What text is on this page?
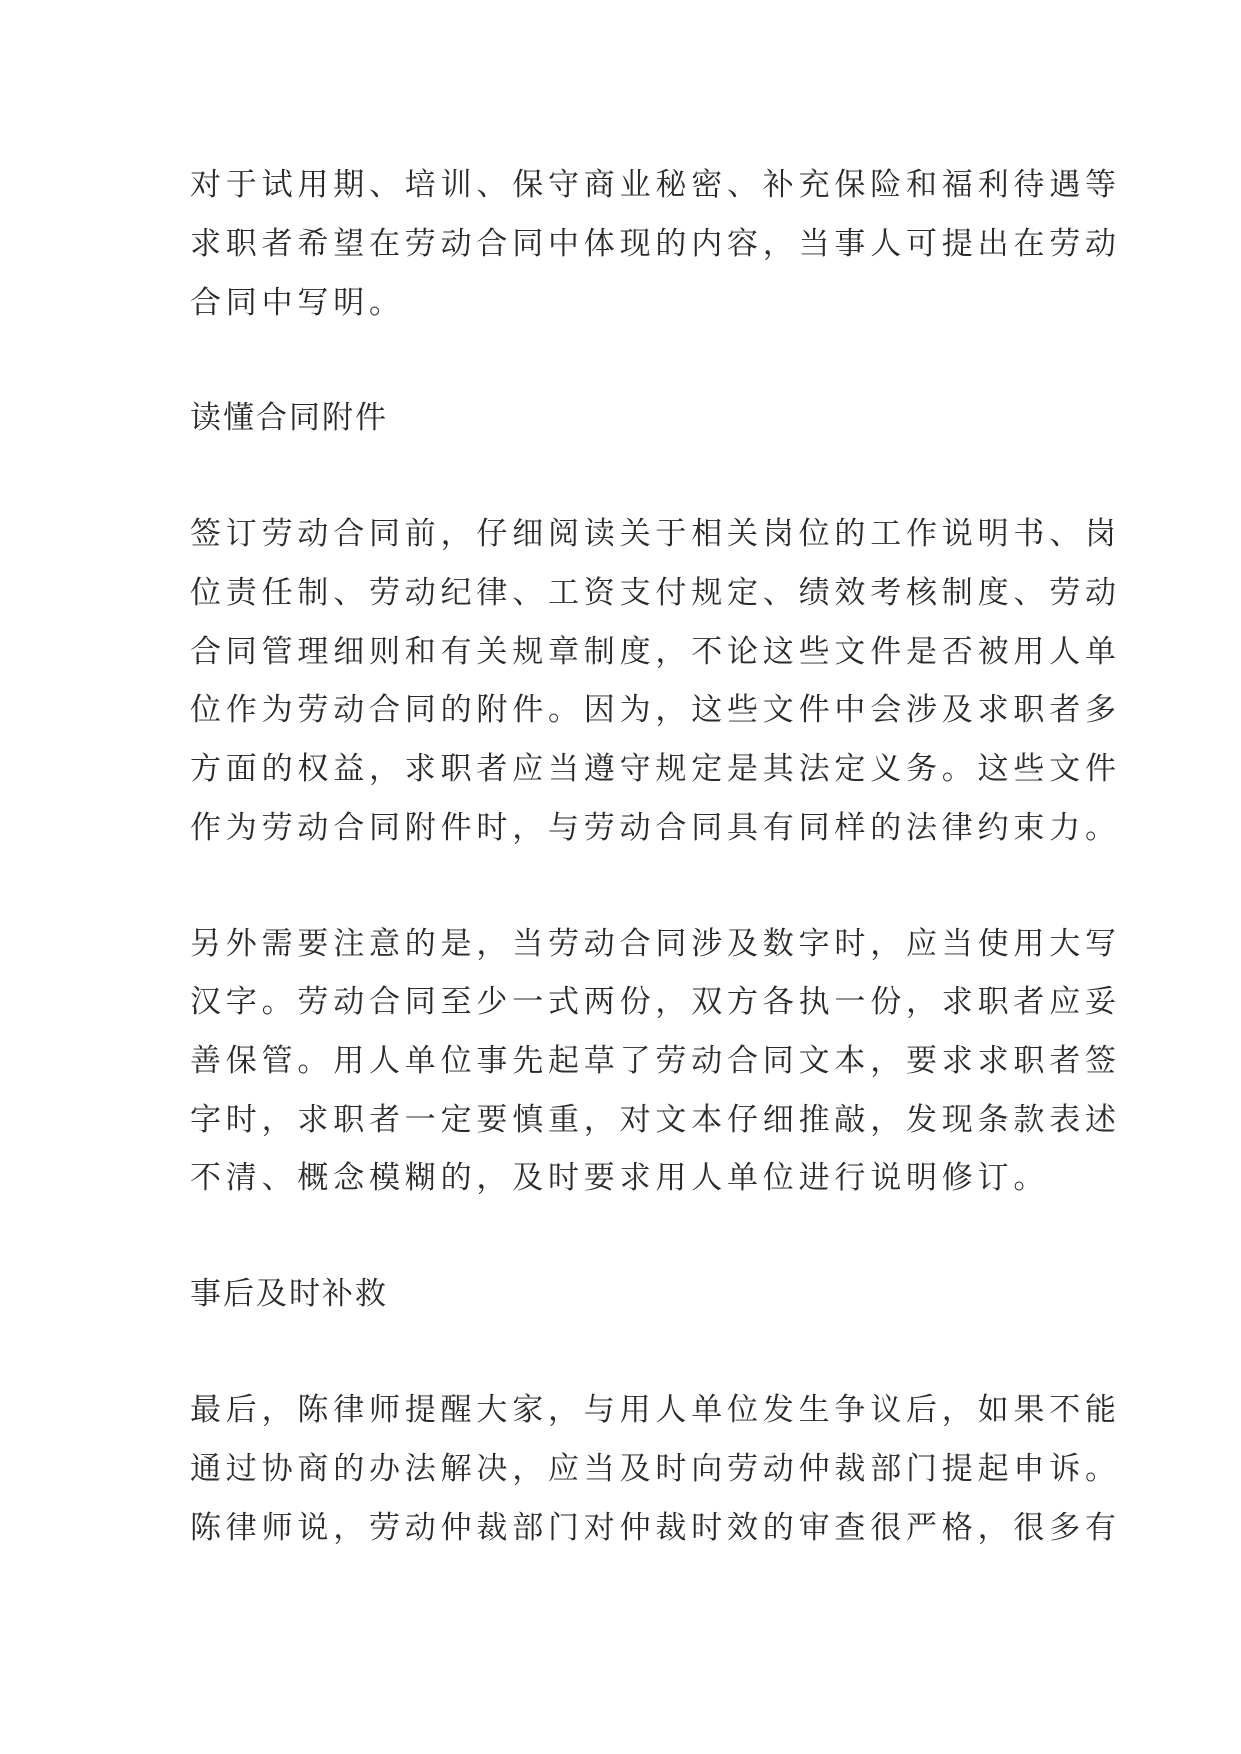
对于试用期、培训、保守商业秘密、补充保险和福利待遇等

求职者希望在劳动合同中体现的内容，当事人可提出在劳动

合同中写明。

读懂合同附件

签订劳动合同前，仔细阅读关于相关岗位的工作说明书、岗

位责任制、劳动纪律、工资支付规定、绩效考核制度、劳动

合同管理细则和有关规章制度，不论这些文件是否被用人单

位作为劳动合同的附件。因为，这些文件中会涉及求职者多

方面的权益，求职者应当遵守规定是其法定义务。这些文件

作为劳动合同附件时，与劳动合同具有同样的法律约束力。

另外需要注意的是，当劳动合同涉及数字时，应当使用大写

汉字。劳动合同至少一式两份，双方各执一份，求职者应妥

善保管。用人单位事先起草了劳动合同文本，要求求职者签

字时，求职者一定要慎重，对文本仔细推敲，发现条款表述

不清、概念模糊的，及时要求用人单位进行说明修订。

事后及时补救

最后，陈律师提醒大家，与用人单位发生争议后，如果不能

通过协商的办法解决，应当及时向劳动仲裁部门提起申诉。

陈律师说，劳动仲裁部门对仲裁时效的审查很严格，很多有
